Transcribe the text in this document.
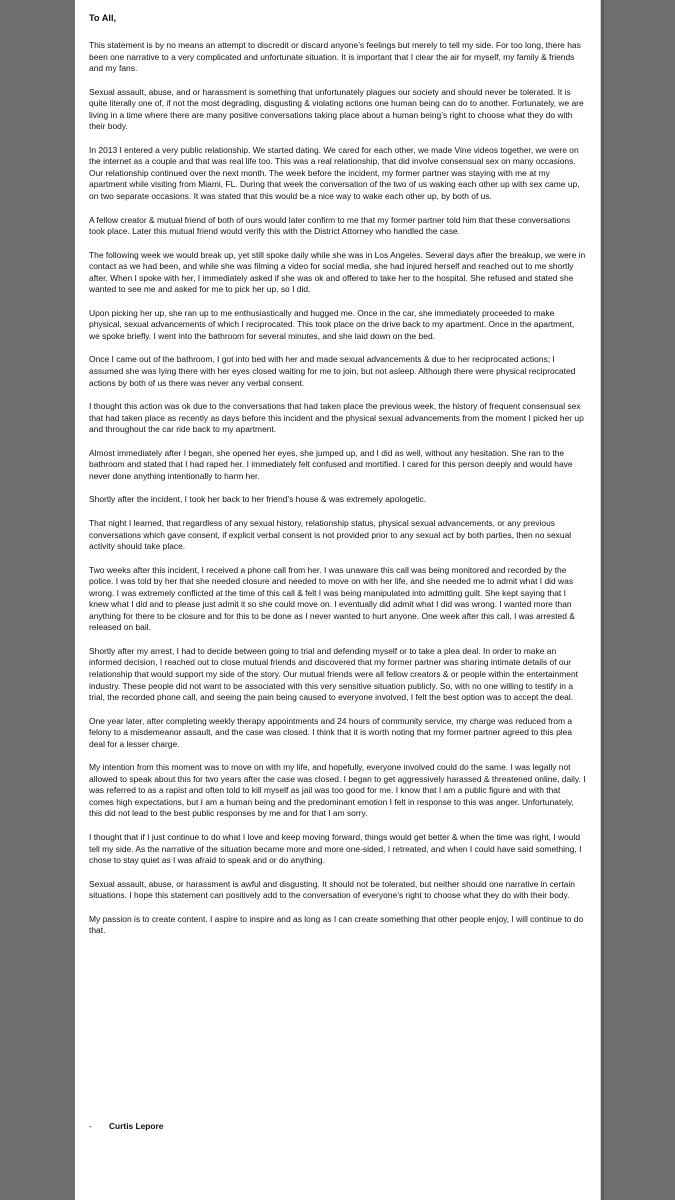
To All,

This statement is by no means an attempt to discredit or discard anyone’s feelings but merely to tell my side. For too long, there has been one narrative to a very complicated and unfortunate situation. It is important that I clear the air for myself, my family & friends and my fans.

Sexual assault, abuse, and or harassment is something that unfortunately plagues our society and should never be tolerated. It is quite literally one of, if not the most degrading, disgusting & violating actions one human being can do to another. Fortunately, we are living in a time where there are many positive conversations taking place about a human being’s right to choose what they do with their body.

In 2013 I entered a very public relationship. We started dating. We cared for each other, we made Vine videos together, we were on the internet as a couple and that was real life too. This was a real relationship, that did involve consensual sex on many occasions. Our relationship continued over the next month. The week before the incident, my former partner was staying with me at my apartment while visiting from Miami, FL. During that week the conversation of the two of us waking each other up with sex came up, on two separate occasions. It was stated that this would be a nice way to wake each other up, by both of us.

A fellow creator & mutual friend of both of ours would later confirm to me that my former partner told him that these conversations took place. Later this mutual friend would verify this with the District Attorney who handled the case.

The following week we would break up, yet still spoke daily while she was in Los Angeles. Several days after the breakup, we were in contact as we had been, and while she was filming a video for social media, she had injured herself and reached out to me shortly after. When I spoke with her, I immediately asked if she was ok and offered to take her to the hospital. She refused and stated she wanted to see me and asked for me to pick her up, so I did.

Upon picking her up, she ran up to me enthusiastically and hugged me. Once in the car, she immediately proceeded to make physical, sexual advancements of which I reciprocated. This took place on the drive back to my apartment. Once in the apartment, we spoke briefly. I went into the bathroom for several minutes, and she laid down on the bed.

Once I came out of the bathroom, I got into bed with her and made sexual advancements & due to her reciprocated actions; I assumed she was lying there with her eyes closed waiting for me to join, but not asleep. Although there were physical reciprocated actions by both of us there was never any verbal consent.

I thought this action was ok due to the conversations that had taken place the previous week, the history of frequent consensual sex that had taken place as recently as days before this incident and the physical sexual advancements from the moment I picked her up and throughout the car ride back to my apartment.

Almost immediately after I began, she opened her eyes, she jumped up, and I did as well, without any hesitation. She ran to the bathroom and stated that I had raped her. I immediately felt confused and mortified. I cared for this person deeply and would have never done anything intentionally to harm her.

Shortly after the incident, I took her back to her friend’s house & was extremely apologetic.

That night I learned, that regardless of any sexual history, relationship status, physical sexual advancements, or any previous conversations which gave consent, if explicit verbal consent is not provided prior to any sexual act by both parties, then no sexual activity should take place.

Two weeks after this incident, I received a phone call from her. I was unaware this call was being monitored and recorded by the police. I was told by her that she needed closure and needed to move on with her life, and she needed me to admit what I did was wrong. I was extremely conflicted at the time of this call & felt I was being manipulated into admitting guilt. She kept saying that I knew what I did and to please just admit it so she could move on. I eventually did admit what I did was wrong. I wanted more than anything for there to be closure and for this to be done as I never wanted to hurt anyone. One week after this call, I was arrested & released on bail.

Shortly after my arrest, I had to decide between going to trial and defending myself or to take a plea deal. In order to make an informed decision, I reached out to close mutual friends and discovered that my former partner was sharing intimate details of our relationship that would support my side of the story. Our mutual friends were all fellow creators & or people within the entertainment industry. These people did not want to be associated with this very sensitive situation publicly. So, with no one willing to testify in a trial, the recorded phone call, and seeing the pain being caused to everyone involved, I felt the best option was to accept the deal.

One year later, after completing weekly therapy appointments and 24 hours of community service, my charge was reduced from a felony to a misdemeanor assault, and the case was closed. I think that it is worth noting that my former partner agreed to this plea deal for a lesser charge.

My intention from this moment was to move on with my life, and hopefully, everyone involved could do the same. I was legally not allowed to speak about this for two years after the case was closed. I began to get aggressively harassed & threatened online, daily. I was referred to as a rapist and often told to kill myself as jail was too good for me. I know that I am a public figure and with that comes high expectations, but I am a human being and the predominant emotion I felt in response to this was anger. Unfortunately, this did not lead to the best public responses by me and for that I am sorry.

I thought that if I just continue to do what I love and keep moving forward, things would get better & when the time was right, I would tell my side. As the narrative of the situation became more and more one-sided, I retreated, and when I could have said something, I chose to stay quiet as I was afraid to speak and or do anything.

Sexual assault, abuse, or harassment is awful and disgusting. It should not be tolerated, but neither should one narrative in certain situations. I hope this statement can positively add to the conversation of everyone’s right to choose what they do with their body.

My passion is to create content. I aspire to inspire and as long as I can create something that other people enjoy, I will continue to do that.

- Curtis Lepore
